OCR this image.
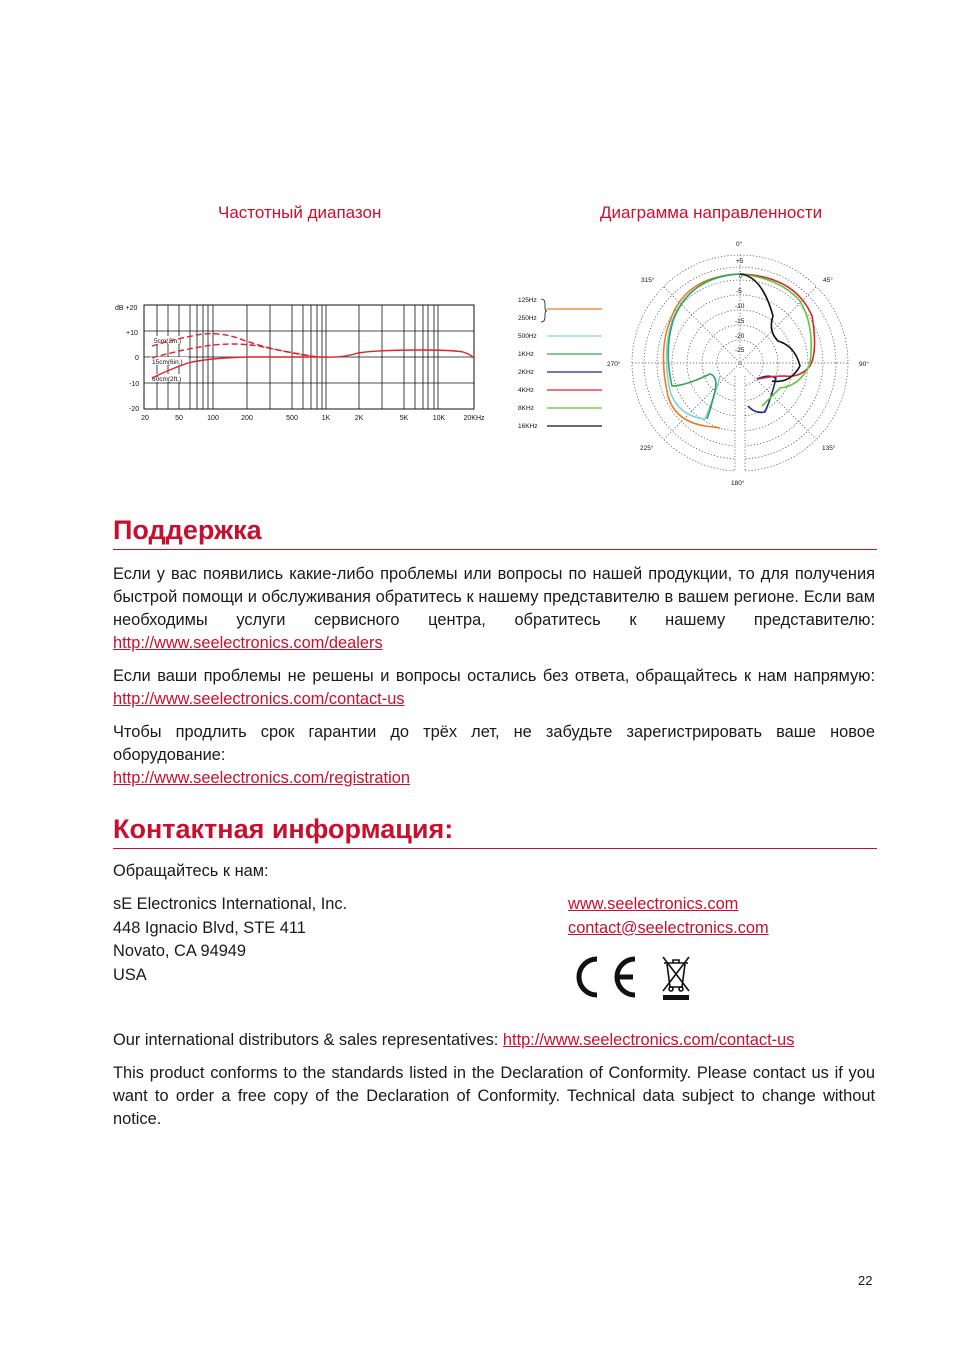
Частотный диапазон	Диаграмма направленности
dB +20
+10
0
-10
-20
20	50	100	200	500	1K	2K	5K	10K	20KHz
5cm(2in.)
15cm(6in.)
60cm(2ft.)
125Hz
250Hz
500Hz
1KHz
2KHz
4KHz
8KHz
16KHz
+5
0
-5
-10
-15
-20
-25
0°
45°
90°
135°
180°
225°
270°
315°
Поддержка

Если у вас появились какие-либо проблемы или вопросы по нашей продукции, то для получения быстрой помощи и обслуживания обратитесь к нашему представителю в вашем регионе. Если вам необходимы услуги сервисного центра, обратитесь к нашему представителю: http://www.seelectronics.com/dealers

Если ваши проблемы не решены и вопросы остались без ответа, обращайтесь к нам напрямую: http://www.seelectronics.com/contact-us

Чтобы продлить срок гарантии до трёх лет, не забудьте зарегистрировать ваше новое оборудование:
http://www.seelectronics.com/registration

Контактная информация:
Обращайтесь к нам:
sE Electronics International, Inc.
448 Ignacio Blvd, STE 411
Novato, CA 94949
USA
www.seelectronics.com
contact@seelectronics.com

Our international distributors & sales representatives: http://www.seelectronics.com/contact-us

This product conforms to the standards listed in the Declaration of Conformity. Please contact us if you want to order a free copy of the Declaration of Conformity. Technical data subject to change without notice.

22
